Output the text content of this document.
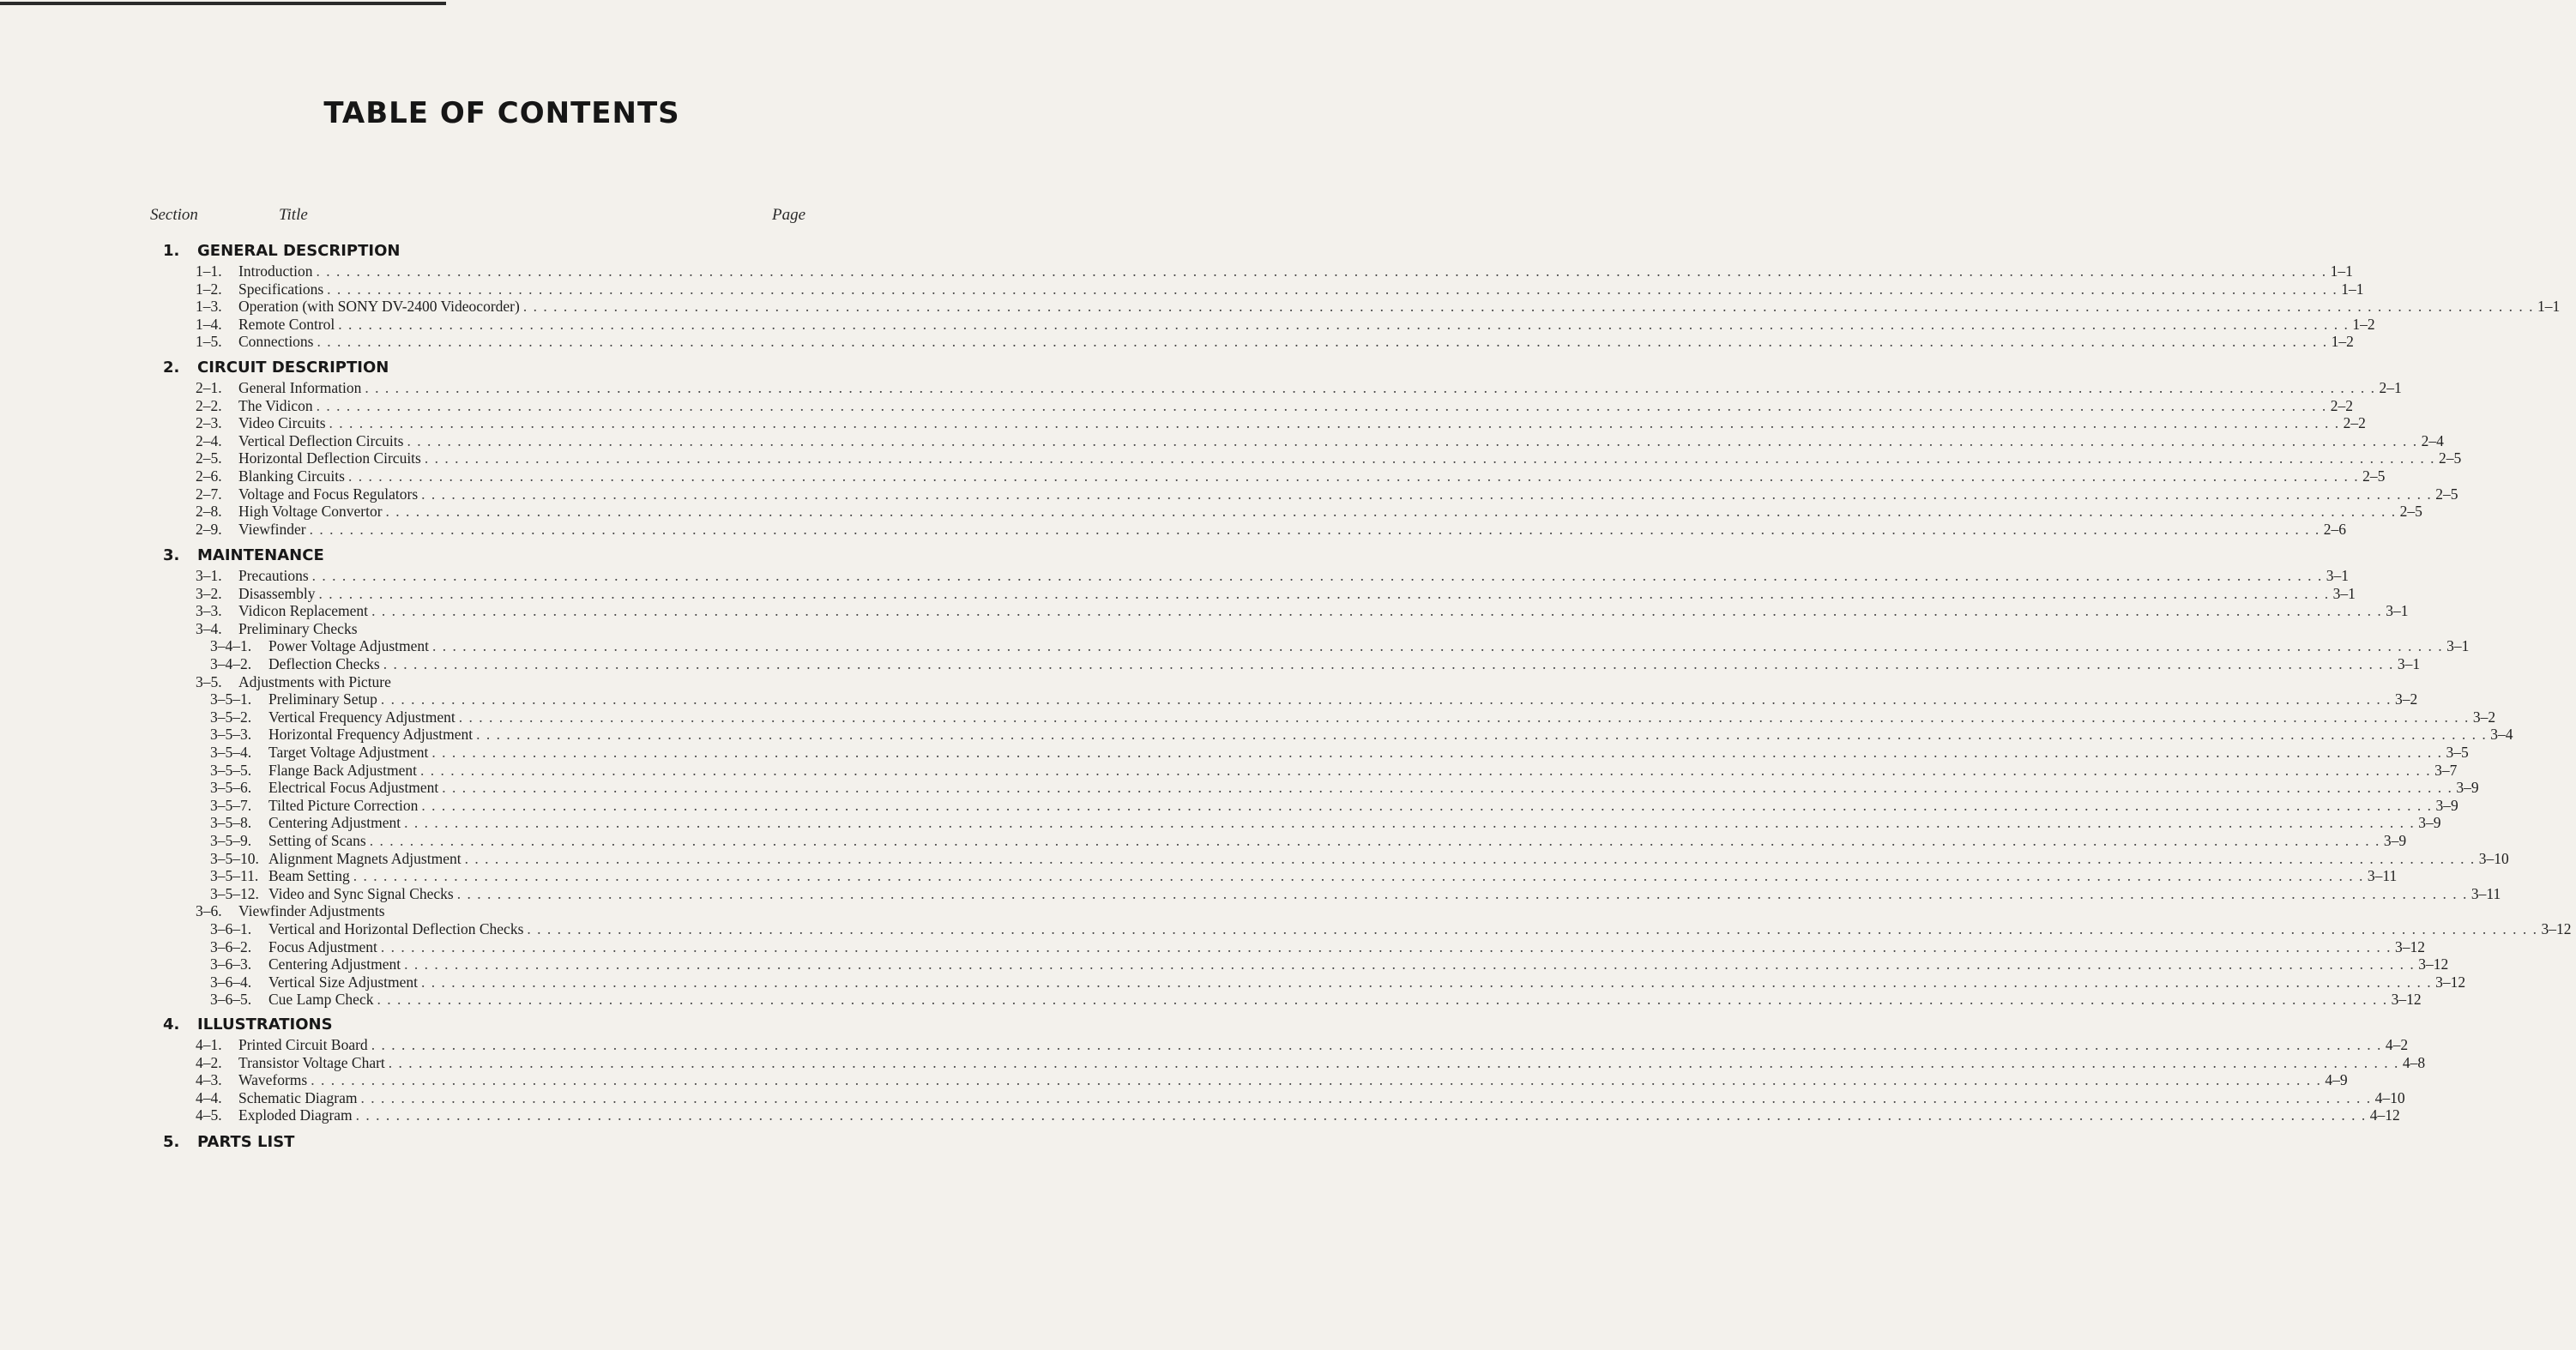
TABLE OF CONTENTS
Section	Title	Page
1. GENERAL DESCRIPTION
1–1.	Introduction . . . . . . . . . . . . . . . . . . . . . . . . . . . . . . . . . . . . . . . . . . . . . . . . . . . . . . . . . . . . . . . . . . . . . . . . . . . . . . . . . . . . . . . . . . . . . . . . . . . . . . . . . . . . . . . . . . . . . . . . . . . . . . . . . . . . . . . . . . . . . . . . . . . . . . . . . . . . . . . . . . . . . . . . . . . . . . . . . . . . . . . . . . . . . . . . . . . . . . . . 1–1
1–2.	Specifications . . . . . . . . . . . . . . . . . . . . . . . . . . . . . . . . . . . . . . . . . . . . . . . . . . . . . . . . . . . . . . . . . . . . . . . . . . . . . . . . . . . . . . . . . . . . . . . . . . . . . . . . . . . . . . . . . . . . . . . . . . . . . . . . . . . . . . . . . . . . . . . . . . . . . . . . . . . . . . . . . . . . . . . . . . . . . . . . . . . . . . . . . . . . . . . . . . . . . . . . 1–1
1–3.	Operation (with SONY DV-2400 Videocorder) . . . . . . . . . . . . . . . . . . . . . . . . . . . . . . . . . . . . . . . . . . . . . . . . . . . . . . . . . . . . . . . . . . . . . . . . . . . . . . . . . . . . . . . . . . . . . . . . . . . . . . . . . . . . . . . . . . . . . . . . . . . . . . . . . . . . . . . . . . . . . . . . . . . . . . . . . . . . . . . . . . . . . . . . . . . . . . . . . . . . . . . . . . . . . . . . . . . . . . . . 1–1
1–4.	Remote Control . . . . . . . . . . . . . . . . . . . . . . . . . . . . . . . . . . . . . . . . . . . . . . . . . . . . . . . . . . . . . . . . . . . . . . . . . . . . . . . . . . . . . . . . . . . . . . . . . . . . . . . . . . . . . . . . . . . . . . . . . . . . . . . . . . . . . . . . . . . . . . . . . . . . . . . . . . . . . . . . . . . . . . . . . . . . . . . . . . . . . . . . . . . . . . . . . . . . . . . . 1–2
1–5.	Connections . . . . . . . . . . . . . . . . . . . . . . . . . . . . . . . . . . . . . . . . . . . . . . . . . . . . . . . . . . . . . . . . . . . . . . . . . . . . . . . . . . . . . . . . . . . . . . . . . . . . . . . . . . . . . . . . . . . . . . . . . . . . . . . . . . . . . . . . . . . . . . . . . . . . . . . . . . . . . . . . . . . . . . . . . . . . . . . . . . . . . . . . . . . . . . . . . . . . . . . . 1–2
2. CIRCUIT DESCRIPTION
2–1.	General Information . . . . . . . . . . . . . . . . . . . . . . . . . . . . . . . . . . . . . . . . . . . . . . . . . . . . . . . . . . . . . . . . . . . . . . . . . . . . . . . . . . . . . . . . . . . . . . . . . . . . . . . . . . . . . . . . . . . . . . . . . . . . . . . . . . . . . . . . . . . . . . . . . . . . . . . . . . . . . . . . . . . . . . . . . . . . . . . . . . . . . . . . . . . . . . . . . . . . . . . . 2–1
2–2.	The Vidicon . . . . . . . . . . . . . . . . . . . . . . . . . . . . . . . . . . . . . . . . . . . . . . . . . . . . . . . . . . . . . . . . . . . . . . . . . . . . . . . . . . . . . . . . . . . . . . . . . . . . . . . . . . . . . . . . . . . . . . . . . . . . . . . . . . . . . . . . . . . . . . . . . . . . . . . . . . . . . . . . . . . . . . . . . . . . . . . . . . . . . . . . . . . . . . . . . . . . . . . . 2–2
2–3.	Video Circuits . . . . . . . . . . . . . . . . . . . . . . . . . . . . . . . . . . . . . . . . . . . . . . . . . . . . . . . . . . . . . . . . . . . . . . . . . . . . . . . . . . . . . . . . . . . . . . . . . . . . . . . . . . . . . . . . . . . . . . . . . . . . . . . . . . . . . . . . . . . . . . . . . . . . . . . . . . . . . . . . . . . . . . . . . . . . . . . . . . . . . . . . . . . . . . . . . . . . . . . . 2–2
2–4.	Vertical Deflection Circuits . . . . . . . . . . . . . . . . . . . . . . . . . . . . . . . . . . . . . . . . . . . . . . . . . . . . . . . . . . . . . . . . . . . . . . . . . . . . . . . . . . . . . . . . . . . . . . . . . . . . . . . . . . . . . . . . . . . . . . . . . . . . . . . . . . . . . . . . . . . . . . . . . . . . . . . . . . . . . . . . . . . . . . . . . . . . . . . . . . . . . . . . . . . . . . . . . . . . . . . . 2–4
2–5.	Horizontal Deflection Circuits . . . . . . . . . . . . . . . . . . . . . . . . . . . . . . . . . . . . . . . . . . . . . . . . . . . . . . . . . . . . . . . . . . . . . . . . . . . . . . . . . . . . . . . . . . . . . . . . . . . . . . . . . . . . . . . . . . . . . . . . . . . . . . . . . . . . . . . . . . . . . . . . . . . . . . . . . . . . . . . . . . . . . . . . . . . . . . . . . . . . . . . . . . . . . . . . . . . . . . . . 2–5
2–6.	Blanking Circuits . . . . . . . . . . . . . . . . . . . . . . . . . . . . . . . . . . . . . . . . . . . . . . . . . . . . . . . . . . . . . . . . . . . . . . . . . . . . . . . . . . . . . . . . . . . . . . . . . . . . . . . . . . . . . . . . . . . . . . . . . . . . . . . . . . . . . . . . . . . . . . . . . . . . . . . . . . . . . . . . . . . . . . . . . . . . . . . . . . . . . . . . . . . . . . . . . . . . . . . . 2–5
2–7.	Voltage and Focus Regulators . . . . . . . . . . . . . . . . . . . . . . . . . . . . . . . . . . . . . . . . . . . . . . . . . . . . . . . . . . . . . . . . . . . . . . . . . . . . . . . . . . . . . . . . . . . . . . . . . . . . . . . . . . . . . . . . . . . . . . . . . . . . . . . . . . . . . . . . . . . . . . . . . . . . . . . . . . . . . . . . . . . . . . . . . . . . . . . . . . . . . . . . . . . . . . . . . . . . . . . . 2–5
2–8.	High Voltage Convertor . . . . . . . . . . . . . . . . . . . . . . . . . . . . . . . . . . . . . . . . . . . . . . . . . . . . . . . . . . . . . . . . . . . . . . . . . . . . . . . . . . . . . . . . . . . . . . . . . . . . . . . . . . . . . . . . . . . . . . . . . . . . . . . . . . . . . . . . . . . . . . . . . . . . . . . . . . . . . . . . . . . . . . . . . . . . . . . . . . . . . . . . . . . . . . . . . . . . . . . . 2–5
2–9.	Viewfinder . . . . . . . . . . . . . . . . . . . . . . . . . . . . . . . . . . . . . . . . . . . . . . . . . . . . . . . . . . . . . . . . . . . . . . . . . . . . . . . . . . . . . . . . . . . . . . . . . . . . . . . . . . . . . . . . . . . . . . . . . . . . . . . . . . . . . . . . . . . . . . . . . . . . . . . . . . . . . . . . . . . . . . . . . . . . . . . . . . . . . . . . . . . . . . . . . . . . . . . . 2–6
3. MAINTENANCE
3–1.	Precautions . . . . . . . . . . . . . . . . . . . . . . . . . . . . . . . . . . . . . . . . . . . . . . . . . . . . . . . . . . . . . . . . . . . . . . . . . . . . . . . . . . . . . . . . . . . . . . . . . . . . . . . . . . . . . . . . . . . . . . . . . . . . . . . . . . . . . . . . . . . . . . . . . . . . . . . . . . . . . . . . . . . . . . . . . . . . . . . . . . . . . . . . . . . . . . . . . . . . . . . . 3–1
3–2.	Disassembly . . . . . . . . . . . . . . . . . . . . . . . . . . . . . . . . . . . . . . . . . . . . . . . . . . . . . . . . . . . . . . . . . . . . . . . . . . . . . . . . . . . . . . . . . . . . . . . . . . . . . . . . . . . . . . . . . . . . . . . . . . . . . . . . . . . . . . . . . . . . . . . . . . . . . . . . . . . . . . . . . . . . . . . . . . . . . . . . . . . . . . . . . . . . . . . . . . . . . . . . 3–1
3–3.	Vidicon Replacement . . . . . . . . . . . . . . . . . . . . . . . . . . . . . . . . . . . . . . . . . . . . . . . . . . . . . . . . . . . . . . . . . . . . . . . . . . . . . . . . . . . . . . . . . . . . . . . . . . . . . . . . . . . . . . . . . . . . . . . . . . . . . . . . . . . . . . . . . . . . . . . . . . . . . . . . . . . . . . . . . . . . . . . . . . . . . . . . . . . . . . . . . . . . . . . . . . . . . . . . 3–1
3–4.	Preliminary Checks
3–4–1.	Power Voltage Adjustment . . . . . . . . . . . . . . . . . . . . . . . . . . . . . . . . . . . . . . . . . . . . . . . . . . . . . . . . . . . . . . . . . . . . . . . . . . . . . . . . . . . . . . . . . . . . . . . . . . . . . . . . . . . . . . . . . . . . . . . . . . . . . . . . . . . . . . . . . . . . . . . . . . . . . . . . . . . . . . . . . . . . . . . . . . . . . . . . . . . . . . . . . . . . . . . . . . . . . . . . 3–1
3–4–2.	Deflection Checks . . . . . . . . . . . . . . . . . . . . . . . . . . . . . . . . . . . . . . . . . . . . . . . . . . . . . . . . . . . . . . . . . . . . . . . . . . . . . . . . . . . . . . . . . . . . . . . . . . . . . . . . . . . . . . . . . . . . . . . . . . . . . . . . . . . . . . . . . . . . . . . . . . . . . . . . . . . . . . . . . . . . . . . . . . . . . . . . . . . . . . . . . . . . . . . . . . . . . . . . 3–1
3–5.	Adjustments with Picture
3–5–1.	Preliminary Setup . . . . . . . . . . . . . . . . . . . . . . . . . . . . . . . . . . . . . . . . . . . . . . . . . . . . . . . . . . . . . . . . . . . . . . . . . . . . . . . . . . . . . . . . . . . . . . . . . . . . . . . . . . . . . . . . . . . . . . . . . . . . . . . . . . . . . . . . . . . . . . . . . . . . . . . . . . . . . . . . . . . . . . . . . . . . . . . . . . . . . . . . . . . . . . . . . . . . . . . . 3–2
3–5–2.	Vertical Frequency Adjustment . . . . . . . . . . . . . . . . . . . . . . . . . . . . . . . . . . . . . . . . . . . . . . . . . . . . . . . . . . . . . . . . . . . . . . . . . . . . . . . . . . . . . . . . . . . . . . . . . . . . . . . . . . . . . . . . . . . . . . . . . . . . . . . . . . . . . . . . . . . . . . . . . . . . . . . . . . . . . . . . . . . . . . . . . . . . . . . . . . . . . . . . . . . . . . . . . . . . . . . . 3–2
3–5–3.	Horizontal Frequency Adjustment . . . . . . . . . . . . . . . . . . . . . . . . . . . . . . . . . . . . . . . . . . . . . . . . . . . . . . . . . . . . . . . . . . . . . . . . . . . . . . . . . . . . . . . . . . . . . . . . . . . . . . . . . . . . . . . . . . . . . . . . . . . . . . . . . . . . . . . . . . . . . . . . . . . . . . . . . . . . . . . . . . . . . . . . . . . . . . . . . . . . . . . . . . . . . . . . . . . . . . . . 3–4
3–5–4.	Target Voltage Adjustment . . . . . . . . . . . . . . . . . . . . . . . . . . . . . . . . . . . . . . . . . . . . . . . . . . . . . . . . . . . . . . . . . . . . . . . . . . . . . . . . . . . . . . . . . . . . . . . . . . . . . . . . . . . . . . . . . . . . . . . . . . . . . . . . . . . . . . . . . . . . . . . . . . . . . . . . . . . . . . . . . . . . . . . . . . . . . . . . . . . . . . . . . . . . . . . . . . . . . . . . 3–5
3–5–5.	Flange Back Adjustment . . . . . . . . . . . . . . . . . . . . . . . . . . . . . . . . . . . . . . . . . . . . . . . . . . . . . . . . . . . . . . . . . . . . . . . . . . . . . . . . . . . . . . . . . . . . . . . . . . . . . . . . . . . . . . . . . . . . . . . . . . . . . . . . . . . . . . . . . . . . . . . . . . . . . . . . . . . . . . . . . . . . . . . . . . . . . . . . . . . . . . . . . . . . . . . . . . . . . . . . 3–7
3–5–6.	Electrical Focus Adjustment . . . . . . . . . . . . . . . . . . . . . . . . . . . . . . . . . . . . . . . . . . . . . . . . . . . . . . . . . . . . . . . . . . . . . . . . . . . . . . . . . . . . . . . . . . . . . . . . . . . . . . . . . . . . . . . . . . . . . . . . . . . . . . . . . . . . . . . . . . . . . . . . . . . . . . . . . . . . . . . . . . . . . . . . . . . . . . . . . . . . . . . . . . . . . . . . . . . . . . . . 3–9
3–5–7.	Tilted Picture Correction . . . . . . . . . . . . . . . . . . . . . . . . . . . . . . . . . . . . . . . . . . . . . . . . . . . . . . . . . . . . . . . . . . . . . . . . . . . . . . . . . . . . . . . . . . . . . . . . . . . . . . . . . . . . . . . . . . . . . . . . . . . . . . . . . . . . . . . . . . . . . . . . . . . . . . . . . . . . . . . . . . . . . . . . . . . . . . . . . . . . . . . . . . . . . . . . . . . . . . . . 3–9
3–5–8.	Centering Adjustment . . . . . . . . . . . . . . . . . . . . . . . . . . . . . . . . . . . . . . . . . . . . . . . . . . . . . . . . . . . . . . . . . . . . . . . . . . . . . . . . . . . . . . . . . . . . . . . . . . . . . . . . . . . . . . . . . . . . . . . . . . . . . . . . . . . . . . . . . . . . . . . . . . . . . . . . . . . . . . . . . . . . . . . . . . . . . . . . . . . . . . . . . . . . . . . . . . . . . . . . 3–9
3–5–9.	Setting of Scans . . . . . . . . . . . . . . . . . . . . . . . . . . . . . . . . . . . . . . . . . . . . . . . . . . . . . . . . . . . . . . . . . . . . . . . . . . . . . . . . . . . . . . . . . . . . . . . . . . . . . . . . . . . . . . . . . . . . . . . . . . . . . . . . . . . . . . . . . . . . . . . . . . . . . . . . . . . . . . . . . . . . . . . . . . . . . . . . . . . . . . . . . . . . . . . . . . . . . . . . 3–9
3–5–10. Alignment Magnets Adjustment . . . . . . . . . . . . . . . . . . . . . . . . . . . . . . . . . . . . . . . . . . . . . . . . . . . . . . . . . . . . . . . . . . . . . . . . . . . . . . . . . . . . . . . . . . . . . . . . . . . . . . . . . . . . . . . . . . . . . . . . . . . . . . . . . . . . . . . . . . . . . . . . . . . . . . . . . . . . . . . . . . . . . . . . . . . . . . . . . . . . . . . . . . . . . . . . . . . . . . . . 3–10
3–5–11. Beam Setting . . . . . . . . . . . . . . . . . . . . . . . . . . . . . . . . . . . . . . . . . . . . . . . . . . . . . . . . . . . . . . . . . . . . . . . . . . . . . . . . . . . . . . . . . . . . . . . . . . . . . . . . . . . . . . . . . . . . . . . . . . . . . . . . . . . . . . . . . . . . . . . . . . . . . . . . . . . . . . . . . . . . . . . . . . . . . . . . . . . . . . . . . . . . . . . . . . . . . . . . 3–11
3–5–12. Video and Sync Signal Checks . . . . . . . . . . . . . . . . . . . . . . . . . . . . . . . . . . . . . . . . . . . . . . . . . . . . . . . . . . . . . . . . . . . . . . . . . . . . . . . . . . . . . . . . . . . . . . . . . . . . . . . . . . . . . . . . . . . . . . . . . . . . . . . . . . . . . . . . . . . . . . . . . . . . . . . . . . . . . . . . . . . . . . . . . . . . . . . . . . . . . . . . . . . . . . . . . . . . . . . . 3–11
3–6.	Viewfinder Adjustments
3–6–1.	Vertical and Horizontal Deflection Checks . . . . . . . . . . . . . . . . . . . . . . . . . . . . . . . . . . . . . . . . . . . . . . . . . . . . . . . . . . . . . . . . . . . . . . . . . . . . . . . . . . . . . . . . . . . . . . . . . . . . . . . . . . . . . . . . . . . . . . . . . . . . . . . . . . . . . . . . . . . . . . . . . . . . . . . . . . . . . . . . . . . . . . . . . . . . . . . . . . . . . . . . . . . . . . . . . . . . . . . . 3–12
3–6–2.	Focus Adjustment . . . . . . . . . . . . . . . . . . . . . . . . . . . . . . . . . . . . . . . . . . . . . . . . . . . . . . . . . . . . . . . . . . . . . . . . . . . . . . . . . . . . . . . . . . . . . . . . . . . . . . . . . . . . . . . . . . . . . . . . . . . . . . . . . . . . . . . . . . . . . . . . . . . . . . . . . . . . . . . . . . . . . . . . . . . . . . . . . . . . . . . . . . . . . . . . . . . . . . . . 3–12
3–6–3.	Centering Adjustment . . . . . . . . . . . . . . . . . . . . . . . . . . . . . . . . . . . . . . . . . . . . . . . . . . . . . . . . . . . . . . . . . . . . . . . . . . . . . . . . . . . . . . . . . . . . . . . . . . . . . . . . . . . . . . . . . . . . . . . . . . . . . . . . . . . . . . . . . . . . . . . . . . . . . . . . . . . . . . . . . . . . . . . . . . . . . . . . . . . . . . . . . . . . . . . . . . . . . . . . 3–12
3–6–4.	Vertical Size Adjustment . . . . . . . . . . . . . . . . . . . . . . . . . . . . . . . . . . . . . . . . . . . . . . . . . . . . . . . . . . . . . . . . . . . . . . . . . . . . . . . . . . . . . . . . . . . . . . . . . . . . . . . . . . . . . . . . . . . . . . . . . . . . . . . . . . . . . . . . . . . . . . . . . . . . . . . . . . . . . . . . . . . . . . . . . . . . . . . . . . . . . . . . . . . . . . . . . . . . . . . . 3–12
3–6–5.	Cue Lamp Check . . . . . . . . . . . . . . . . . . . . . . . . . . . . . . . . . . . . . . . . . . . . . . . . . . . . . . . . . . . . . . . . . . . . . . . . . . . . . . . . . . . . . . . . . . . . . . . . . . . . . . . . . . . . . . . . . . . . . . . . . . . . . . . . . . . . . . . . . . . . . . . . . . . . . . . . . . . . . . . . . . . . . . . . . . . . . . . . . . . . . . . . . . . . . . . . . . . . . . . . 3–12
4. ILLUSTRATIONS
4–1.	Printed Circuit Board . . . . . . . . . . . . . . . . . . . . . . . . . . . . . . . . . . . . . . . . . . . . . . . . . . . . . . . . . . . . . . . . . . . . . . . . . . . . . . . . . . . . . . . . . . . . . . . . . . . . . . . . . . . . . . . . . . . . . . . . . . . . . . . . . . . . . . . . . . . . . . . . . . . . . . . . . . . . . . . . . . . . . . . . . . . . . . . . . . . . . . . . . . . . . . . . . . . . . . . . 4–2
4–2.	Transistor Voltage Chart . . . . . . . . . . . . . . . . . . . . . . . . . . . . . . . . . . . . . . . . . . . . . . . . . . . . . . . . . . . . . . . . . . . . . . . . . . . . . . . . . . . . . . . . . . . . . . . . . . . . . . . . . . . . . . . . . . . . . . . . . . . . . . . . . . . . . . . . . . . . . . . . . . . . . . . . . . . . . . . . . . . . . . . . . . . . . . . . . . . . . . . . . . . . . . . . . . . . . . . . 4–8
4–3.	Waveforms . . . . . . . . . . . . . . . . . . . . . . . . . . . . . . . . . . . . . . . . . . . . . . . . . . . . . . . . . . . . . . . . . . . . . . . . . . . . . . . . . . . . . . . . . . . . . . . . . . . . . . . . . . . . . . . . . . . . . . . . . . . . . . . . . . . . . . . . . . . . . . . . . . . . . . . . . . . . . . . . . . . . . . . . . . . . . . . . . . . . . . . . . . . . . . . . . . . . . . . . 4–9
4–4.	Schematic Diagram . . . . . . . . . . . . . . . . . . . . . . . . . . . . . . . . . . . . . . . . . . . . . . . . . . . . . . . . . . . . . . . . . . . . . . . . . . . . . . . . . . . . . . . . . . . . . . . . . . . . . . . . . . . . . . . . . . . . . . . . . . . . . . . . . . . . . . . . . . . . . . . . . . . . . . . . . . . . . . . . . . . . . . . . . . . . . . . . . . . . . . . . . . . . . . . . . . . . . . . . 4–10
4–5.	Exploded Diagram . . . . . . . . . . . . . . . . . . . . . . . . . . . . . . . . . . . . . . . . . . . . . . . . . . . . . . . . . . . . . . . . . . . . . . . . . . . . . . . . . . . . . . . . . . . . . . . . . . . . . . . . . . . . . . . . . . . . . . . . . . . . . . . . . . . . . . . . . . . . . . . . . . . . . . . . . . . . . . . . . . . . . . . . . . . . . . . . . . . . . . . . . . . . . . . . . . . . . . . . 4–12
5. PARTS LIST
